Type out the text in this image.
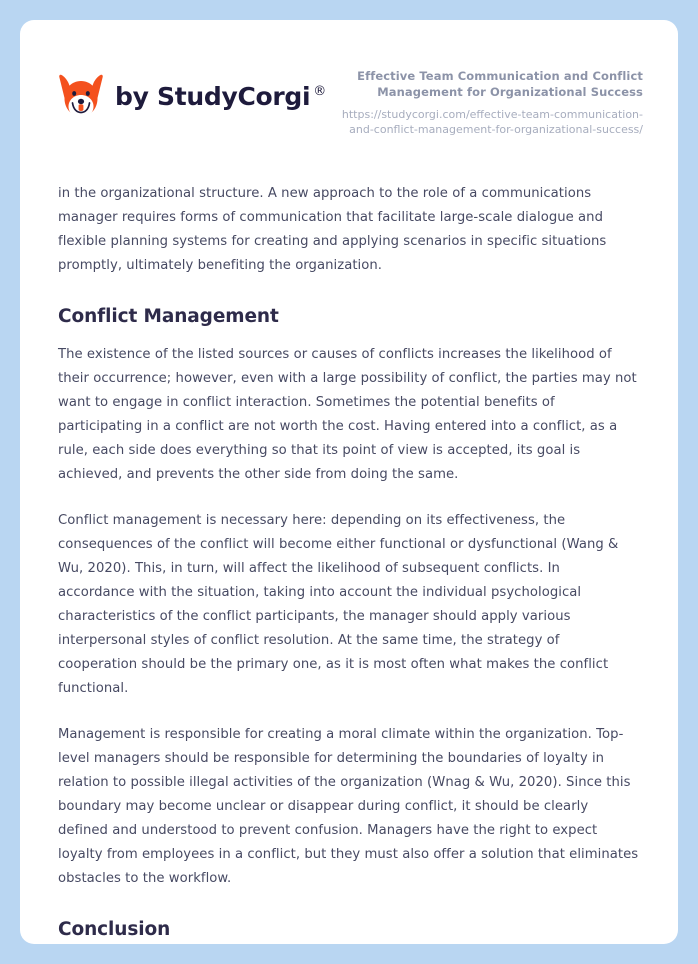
by StudyCorgi ®
Effective Team Communication and Conflict Management for Organizational Success
https://studycorgi.com/effective-team-communication-and-conflict-management-for-organizational-success/

in the organizational structure. A new approach to the role of a communications manager requires forms of communication that facilitate large-scale dialogue and flexible planning systems for creating and applying scenarios in specific situations promptly, ultimately benefiting the organization.

Conflict Management

The existence of the listed sources or causes of conflicts increases the likelihood of their occurrence; however, even with a large possibility of conflict, the parties may not want to engage in conflict interaction. Sometimes the potential benefits of participating in a conflict are not worth the cost. Having entered into a conflict, as a rule, each side does everything so that its point of view is accepted, its goal is achieved, and prevents the other side from doing the same.

Conflict management is necessary here: depending on its effectiveness, the consequences of the conflict will become either functional or dysfunctional (Wang & Wu, 2020). This, in turn, will affect the likelihood of subsequent conflicts. In accordance with the situation, taking into account the individual psychological characteristics of the conflict participants, the manager should apply various interpersonal styles of conflict resolution. At the same time, the strategy of cooperation should be the primary one, as it is most often what makes the conflict functional.

Management is responsible for creating a moral climate within the organization. Top-level managers should be responsible for determining the boundaries of loyalty in relation to possible illegal activities of the organization (Wnag & Wu, 2020). Since this boundary may become unclear or disappear during conflict, it should be clearly defined and understood to prevent confusion. Managers have the right to expect loyalty from employees in a conflict, but they must also offer a solution that eliminates obstacles to the workflow.

Conclusion
